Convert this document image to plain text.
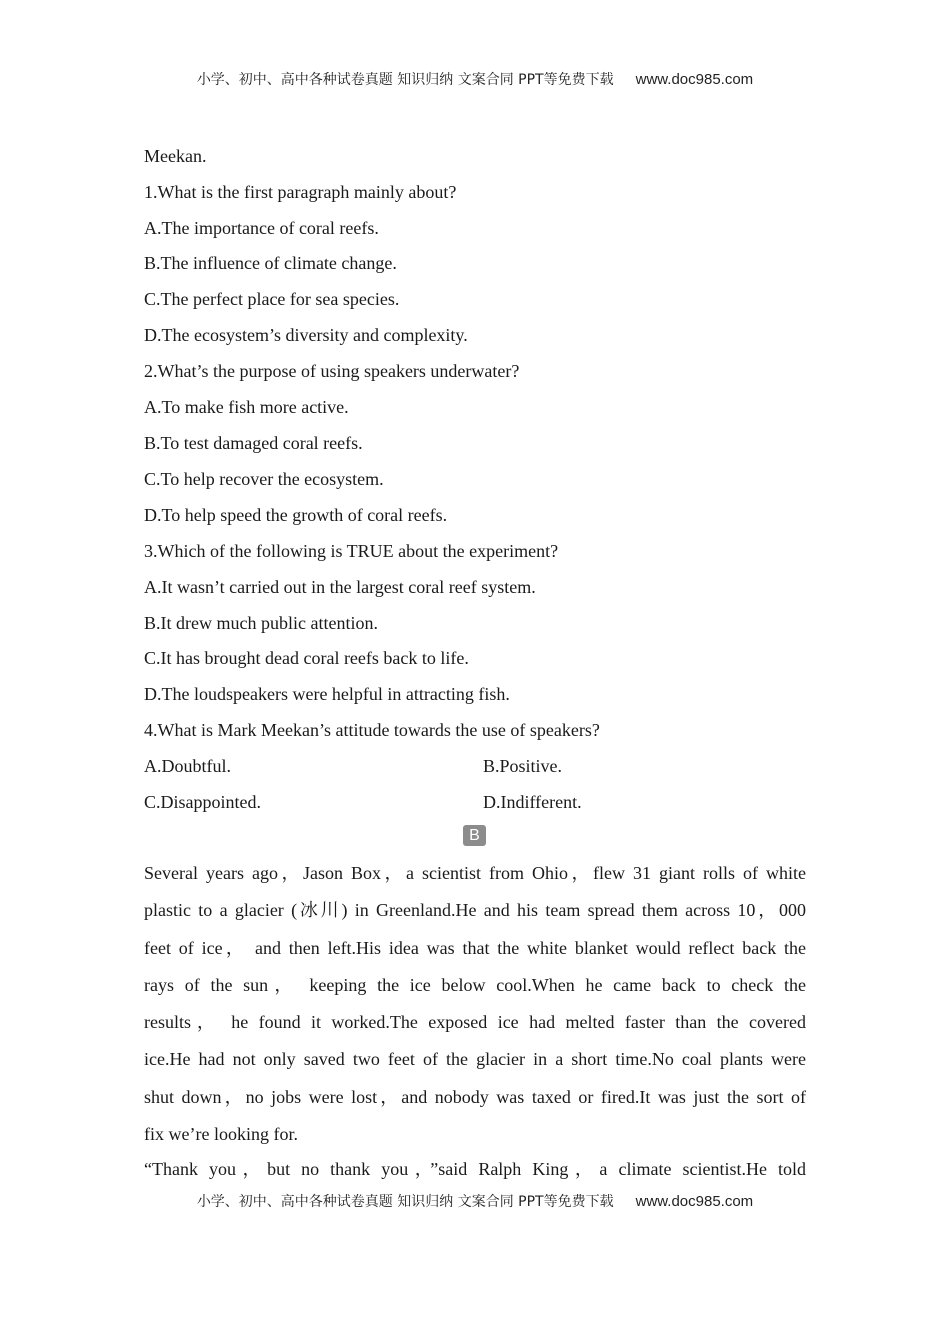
小学、初中、高中各种试卷真题 知识归纳 文案合同 PPT等免费下载 www.doc985.com
Meekan.
1.What is the first paragraph mainly about?
A.The importance of coral reefs.
B.The influence of climate change.
C.The perfect place for sea species.
D.The ecosystem’s diversity and complexity.
2.What’s the purpose of using speakers underwater?
A.To make fish more active.
B.To test damaged coral reefs.
C.To help recover the ecosystem.
D.To help speed the growth of coral reefs.
3.Which of the following is TRUE about the experiment?
A.It wasn’t carried out in the largest coral reef system.
B.It drew much public attention.
C.It has brought dead coral reefs back to life.
D.The loudspeakers were helpful in attracting fish.
4.What is Mark Meekan’s attitude towards the use of speakers?
A.Doubtful.	B.Positive.
C.Disappointed.	D.Indifferent.
B
Several years ago，Jason Box，a scientist from Ohio，flew 31 giant rolls of white
plastic to a glacier (冰川) in Greenland.He and his team spread them across 10，000
feet of ice， and then left.His idea was that the white blanket would reflect back the
rays of the sun， keeping the ice below cool.When he came back to check the
results， he found it worked.The exposed ice had melted faster than the covered
ice.He had not only saved two feet of the glacier in a short time.No coal plants were
shut down，no jobs were lost，and nobody was taxed or fired.It was just the sort of
fix we’re looking for.
“Thank you，but no thank you，”said Ralph King，a climate scientist.He told
小学、初中、高中各种试卷真题 知识归纳 文案合同 PPT等免费下载 www.doc985.com
